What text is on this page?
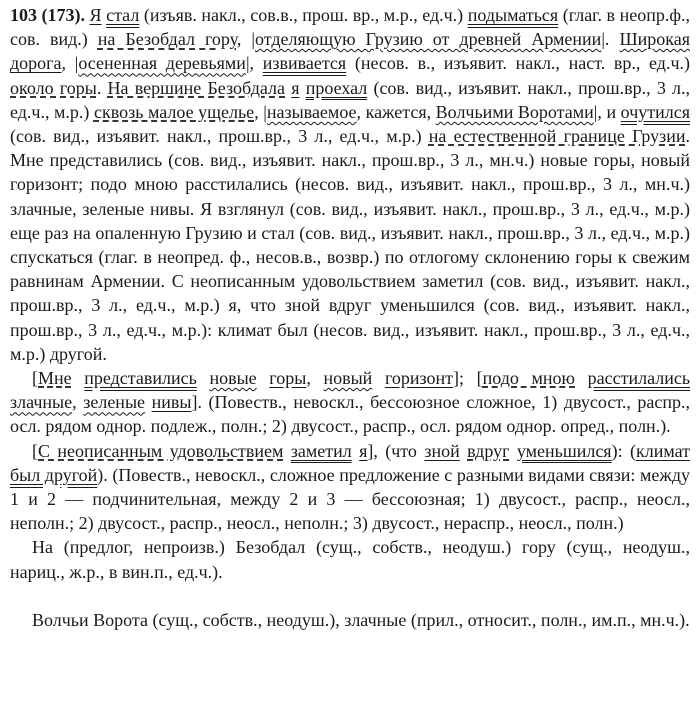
103 (173). Я стал (изъяв. накл., сов.в., прош. вр., м.р., ед.ч.) подыматься (глаг. в неопр.ф., сов. вид.) на Безобдал гору, |отделяющую Грузию от древней Армении|. Широкая дорога, |осененная деревьями|, извивается (несов. в., изъявит. накл., наст. вр., ед.ч.) около горы. На вершине Безобдала я проехал (сов. вид., изъявит. накл., прош.вр., 3 л., ед.ч., м.р.) сквозь малое ущелье, |называемое, кажется, Волчьими Воротами|, и очутился (сов. вид., изъявит. накл., прош.вр., 3 л., ед.ч., м.р.) на естественной границе Грузии. Мне представились (сов. вид., изъявит. накл., прош.вр., 3 л., мн.ч.) новые горы, новый горизонт; подо мною расстилались (несов. вид., изъявит. накл., прош.вр., 3 л., мн.ч.) злачные, зеленые нивы. Я взглянул (сов. вид., изъявит. накл., прош.вр., 3 л., ед.ч., м.р.) еще раз на опаленную Грузию и стал (сов. вид., изъявит. накл., прош.вр., 3 л., ед.ч., м.р.) спускаться (глаг. в неопред. ф., несов.в., возвр.) по отлогому склонению горы к свежим равнинам Армении. С неописанным удовольствием заметил (сов. вид., изъявит. накл., прош.вр., 3 л., ед.ч., м.р.) я, что зной вдруг уменьшился (сов. вид., изъявит. накл., прош.вр., 3 л., ед.ч., м.р.): климат был (несов. вид., изъявит. накл., прош.вр., 3 л., ед.ч., м.р.) другой.

[Мне представились новые горы, новый горизонт]; [подо мною расстилались злачные, зеленые нивы]. (Повеств., невоскл., бессоюзное сложное, 1) двусост., распр., осл. рядом однор. подлеж., полн.; 2) двусост., распр., осл. рядом однор. опред., полн.).

[С неописанным удовольствием заметил я], (что зной вдруг уменьшился): (климат был другой). (Повеств., невоскл., сложное предложение с разными видами связи: между 1 и 2 — подчинительная, между 2 и 3 — бессоюзная; 1) двусост., распр., неосл., неполн.; 2) двусост., распр., неосл., неполн.; 3) двусост., нераспр., неосл., полн.)

На (предлог, непроизв.) Безобдал (сущ., собств., неодуш.) гору (сущ., неодуш., нариц., ж.р., в вин.п., ед.ч.).

Волчьи Ворота (сущ., собств., неодуш.), злачные (прил., относит., полн., им.п., мн.ч.).
